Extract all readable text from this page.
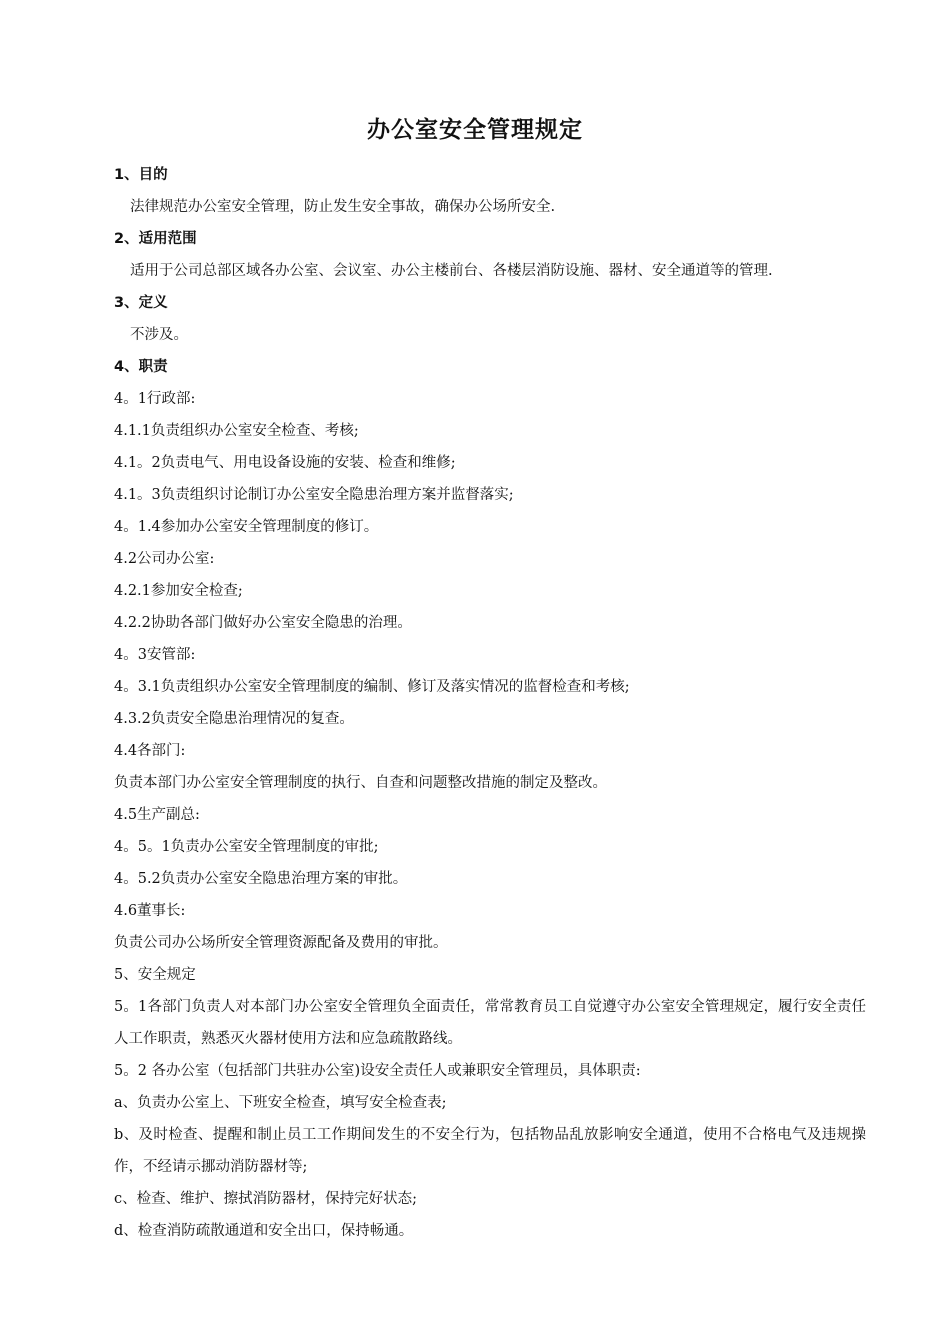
办公室安全管理规定
1、目的
法律规范办公室安全管理，防止发生安全事故，确保办公场所安全.
2、适用范围
适用于公司总部区域各办公室、会议室、办公主楼前台、各楼层消防设施、器材、安全通道等的管理.
3、定义
不涉及。
4、职责
4。1行政部:
4.1.1负责组织办公室安全检查、考核;
4.1。2负责电气、用电设备设施的安装、检查和维修;
4.1。3负责组织讨论制订办公室安全隐患治理方案并监督落实;
4。1.4参加办公室安全管理制度的修订。
4.2公司办公室:
4.2.1参加安全检查;
4.2.2协助各部门做好办公室安全隐患的治理。
4。3安管部:
4。3.1负责组织办公室安全管理制度的编制、修订及落实情况的监督检查和考核;
4.3.2负责安全隐患治理情况的复查。
4.4各部门:
负责本部门办公室安全管理制度的执行、自查和问题整改措施的制定及整改。
4.5生产副总:
4。5。1负责办公室安全管理制度的审批;
4。5.2负责办公室安全隐患治理方案的审批。
4.6董事长:
负责公司办公场所安全管理资源配备及费用的审批。
5、安全规定
5。1各部门负责人对本部门办公室安全管理负全面责任，常常教育员工自觉遵守办公室安全管理规定，履行安全责任人工作职责，熟悉灭火器材使用方法和应急疏散路线。
5。2 各办公室（包括部门共驻办公室)设安全责任人或兼职安全管理员，具体职责:
a、负责办公室上、下班安全检查，填写安全检查表;
b、及时检查、提醒和制止员工工作期间发生的不安全行为，包括物品乱放影响安全通道，使用不合格电气及违规操作，不经请示挪动消防器材等;
c、检查、维护、擦拭消防器材，保持完好状态;
d、检查消防疏散通道和安全出口，保持畅通。
